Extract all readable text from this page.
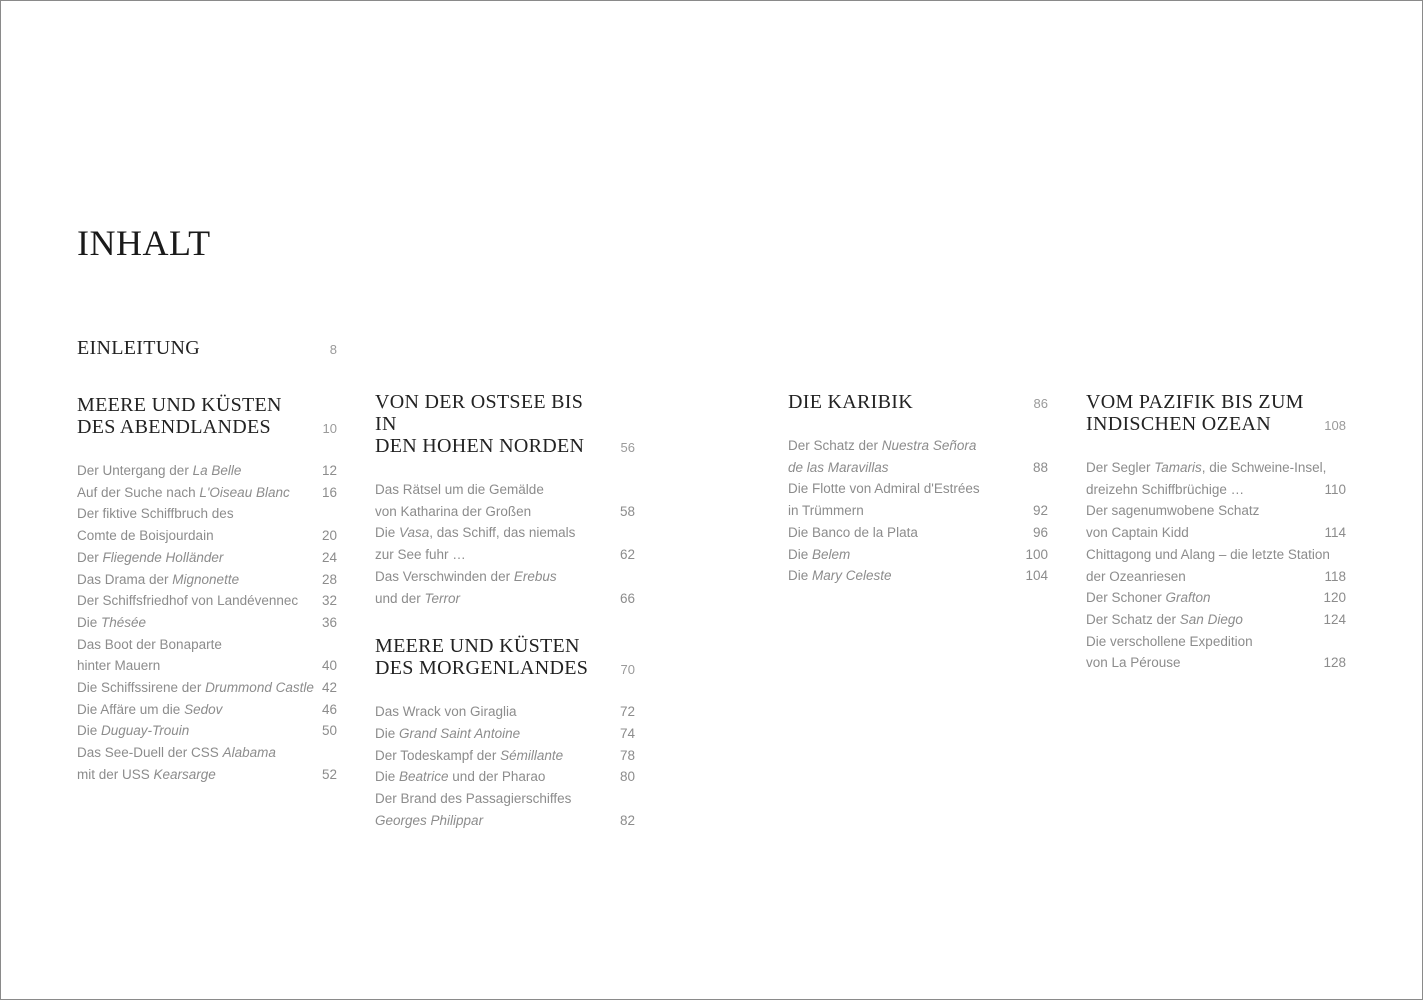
INHALT
EINLEITUNG	8
MEERE UND KÜSTEN
DES ABENDLANDES	10
Der Untergang der La Belle	12
Auf der Suche nach L'Oiseau Blanc	16
Der fiktive Schiffbruch des
Comte de Boisjourdain	20
Der Fliegende Holländer	24
Das Drama der Mignonette	28
Der Schiffsfriedhof von Landévennec 32
Die Thésée	36
Das Boot der Bonaparte
hinter Mauern	40
Die Schiffssirene der Drummond Castle 42
Die Affäre um die Sedov	46
Die Duguay-Trouin	50
Das See-Duell der CSS Alabama
mit der USS Kearsarge	52
VON DER OSTSEE BIS IN
DEN HOHEN NORDEN	56
Das Rätsel um die Gemälde
von Katharina der Großen	58
Die Vasa, das Schiff, das niemals
zur See fuhr …	62
Das Verschwinden der Erebus
und der Terror	66
MEERE UND KÜSTEN
DES MORGENLANDES	70
Das Wrack von Giraglia	72
Die Grand Saint Antoine	74
Der Todeskampf der Sémillante	78
Die Beatrice und der Pharao	80
Der Brand des Passagierschiffes
Georges Philippar	82
DIE KARIBIK	86
Der Schatz der Nuestra Señora
de las Maravillas	88
Die Flotte von Admiral d'Estrées
in Trümmern	92
Die Banco de la Plata	96
Die Belem	100
Die Mary Celeste	104
VOM PAZIFIK BIS ZUM
INDISCHEN OZEAN	108
Der Segler Tamaris, die Schweine-Insel,
dreizehn Schiffbrüchige …	110
Der sagenumwobene Schatz
von Captain Kidd	114
Chittagong und Alang – die letzte Station
der Ozeanriesen	118
Der Schoner Grafton	120
Der Schatz der San Diego	124
Die verschollene Expedition
von La Pérouse	128
